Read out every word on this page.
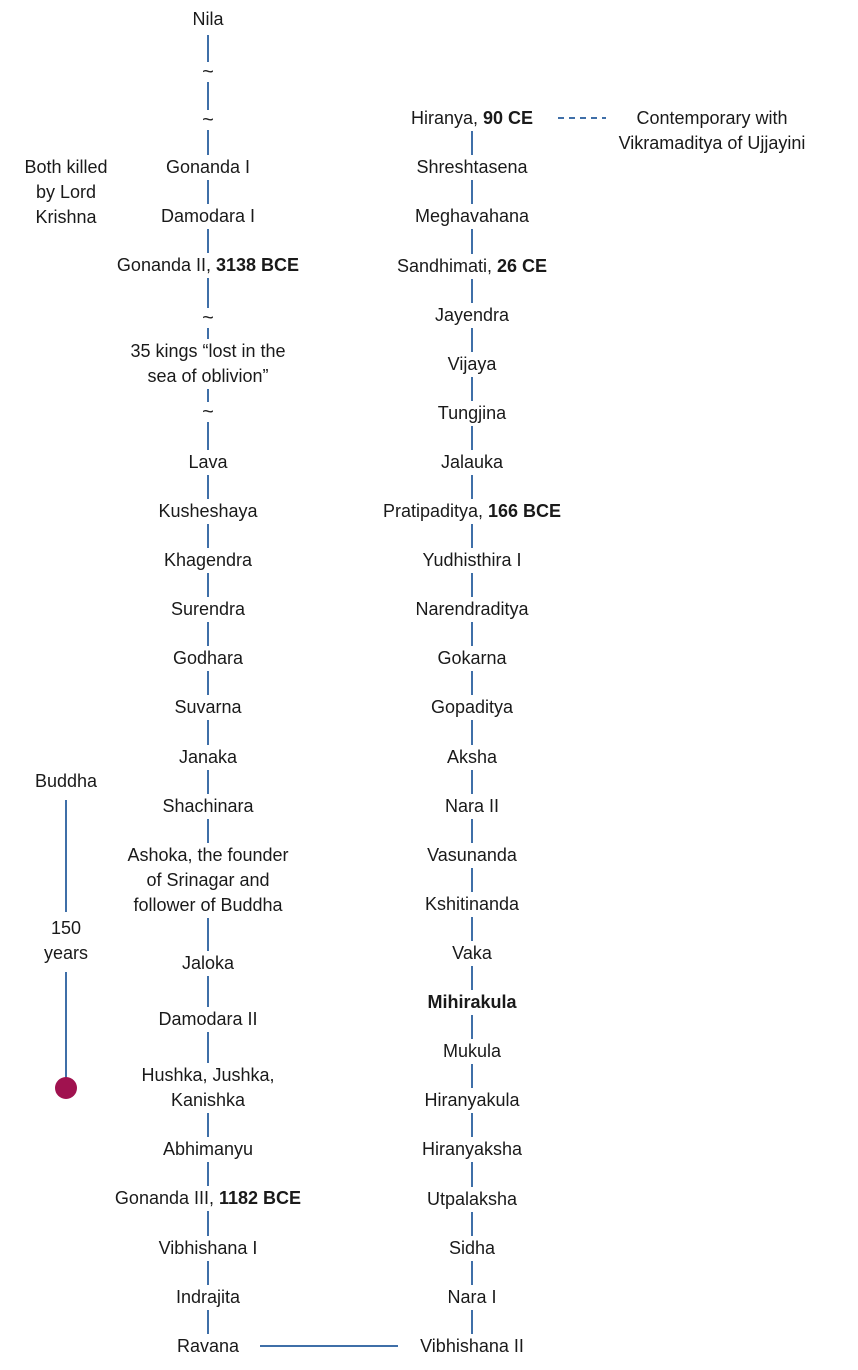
Nila
Gonanda I
Damodara I
Gonanda II, 3138 BCE
35 kings “lost in the
sea of oblivion”
Lava
Kusheshaya
Khagendra
Surendra
Godhara
Suvarna
Janaka
Shachinara
Ashoka, the founder
of Srinagar and
follower of Buddha
Jaloka
Damodara II
Hushka, Jushka,
Kanishka
Abhimanyu
Gonanda III, 1182 BCE
Vibhishana I
Indrajita
Ravana
Hiranya, 90 CE
Shreshtasena
Meghavahana
Sandhimati, 26 CE
Jayendra
Vijaya
Tungjina
Jalauka
Pratipaditya, 166 BCE
Yudhisthira I
Narendraditya
Gokarna
Gopaditya
Aksha
Nara II
Vasunanda
Kshitinanda
Vaka
Mihirakula
Mukula
Hiranyakula
Hiranyaksha
Utpalaksha
Sidha
Nara I
Vibhishana II
~
~
~
~
Both killed
by Lord
Krishna
Buddha
150
years
Contemporary with
Vikramaditya of Ujjayini
